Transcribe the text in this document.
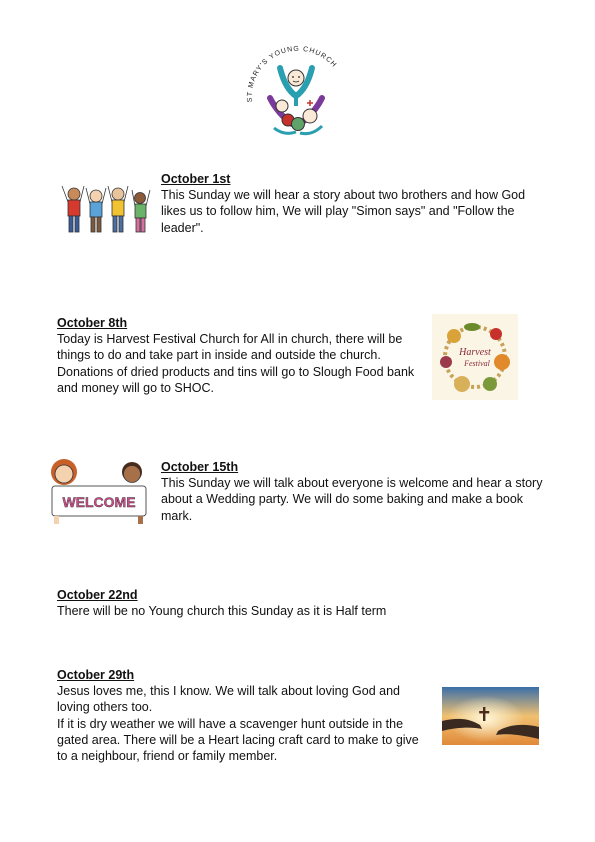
ST MARY'S YOUNG CHURCH
October 1st
This Sunday we will hear a story about two brothers and how God likes us to follow him, We will play "Simon says" and "Follow the leader".
October 8th
Today is Harvest Festival Church for All in church, there will be things to do and take part in inside and outside the church. Donations of dried products and tins will go to Slough Food bank and money will go to SHOC.
Harvest
Festival
WELCOME
October 15th
This Sunday we will talk about everyone is welcome and hear a story about a Wedding party. We will do some baking and make a book mark.
October 22nd
There will be no Young church this Sunday as it is Half term
October 29th
Jesus loves me, this I know. We will talk about loving God and loving others too.
If it is dry weather we will have a scavenger hunt outside in the gated area. There will be a Heart lacing craft card to make to give to a neighbour, friend or family member.
